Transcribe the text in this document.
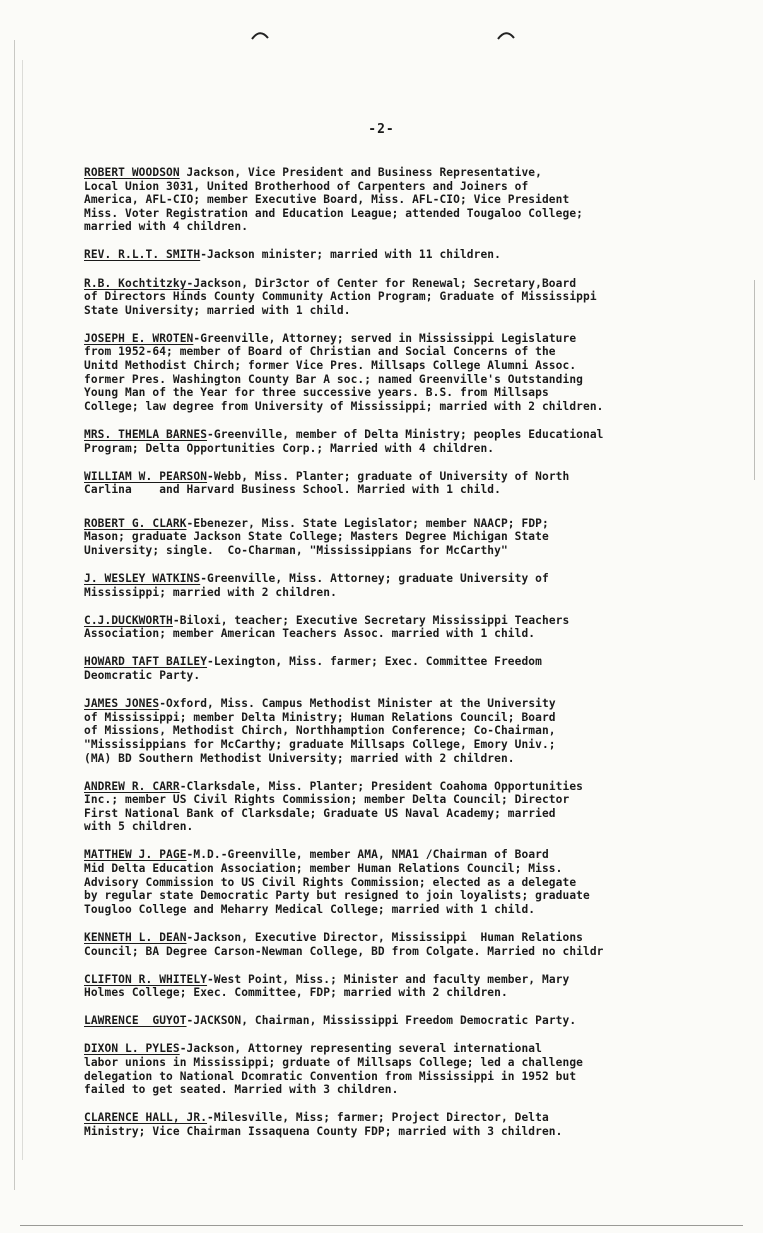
-2-
ROBERT WOODSON Jackson, Vice President and Business Representative,
Local Union 3031, United Brotherhood of Carpenters and Joiners of
America, AFL-CIO; member Executive Board, Miss. AFL-CIO; Vice President
Miss. Voter Registration and Education League; attended Tougaloo College;
married with 4 children.
REV. R.L.T. SMITH-Jackson minister; married with 11 children.
R.B. Kochtitzky-Jackson, Dir3ctor of Center for Renewal; Secretary,Board
of Directors Hinds County Community Action Program; Graduate of Mississippi
State University; married with 1 child.
JOSEPH E. WROTEN-Greenville, Attorney; served in Mississippi Legislature
from 1952-64; member of Board of Christian and Social Concerns of the
Unitd Methodist Chirch; former Vice Pres. Millsaps College Alumni Assoc.
former Pres. Washington County Bar A soc.; named Greenville's Outstanding
Young Man of the Year for three successive years. B.S. from Millsaps
College; law degree from University of Mississippi; married with 2 children.
MRS. THEMLA BARNES-Greenville, member of Delta Ministry; peoples Educational
Program; Delta Opportunities Corp.; Married with 4 children.
WILLIAM W. PEARSON-Webb, Miss. Planter; graduate of University of North
Carlina    and Harvard Business School. Married with 1 child.
ROBERT G. CLARK-Ebenezer, Miss. State Legislator; member NAACP; FDP;
Mason; graduate Jackson State College; Masters Degree Michigan State
University; single.  Co-Charman, "Mississippians for McCarthy"
J. WESLEY WATKINS-Greenville, Miss. Attorney; graduate University of
Mississippi; married with 2 children.
C.J.DUCKWORTH-Biloxi, teacher; Executive Secretary Mississippi Teachers
Association; member American Teachers Assoc. married with 1 child.
HOWARD TAFT BAILEY-Lexington, Miss. farmer; Exec. Committee Freedom
Deomcratic Party.
JAMES JONES-Oxford, Miss. Campus Methodist Minister at the University
of Mississippi; member Delta Ministry; Human Relations Council; Board
of Missions, Methodist Chirch, Northhamption Conference; Co-Chairman,
"Mississippians for McCarthy; graduate Millsaps College, Emory Univ.;
(MA) BD Southern Methodist University; married with 2 children.
ANDREW R. CARR-Clarksdale, Miss. Planter; President Coahoma Opportunities
Inc.; member US Civil Rights Commission; member Delta Council; Director
First National Bank of Clarksdale; Graduate US Naval Academy; married
with 5 children.
MATTHEW J. PAGE-M.D.-Greenville, member AMA, NMA1 /Chairman of Board
Mid Delta Education Association; member Human Relations Council; Miss.
Advisory Commission to US Civil Rights Commission; elected as a delegate
by regular state Democratic Party but resigned to join loyalists; graduate
Tougloo College and Meharry Medical College; married with 1 child.
KENNETH L. DEAN-Jackson, Executive Director, Mississippi  Human Relations
Council; BA Degree Carson-Newman College, BD from Colgate. Married no childr
CLIFTON R. WHITELY-West Point, Miss.; Minister and faculty member, Mary
Holmes College; Exec. Committee, FDP; married with 2 children.
LAWRENCE  GUYOT-JACKSON, Chairman, Mississippi Freedom Democratic Party.
DIXON L. PYLES-Jackson, Attorney representing several international
labor unions in Mississippi; grduate of Millsaps College; led a challenge
delegation to National Dcomratic Convention from Mississippi in 1952 but
failed to get seated. Married with 3 children.
CLARENCE HALL, JR.-Milesville, Miss; farmer; Project Director, Delta
Ministry; Vice Chairman Issaquena County FDP; married with 3 children.
